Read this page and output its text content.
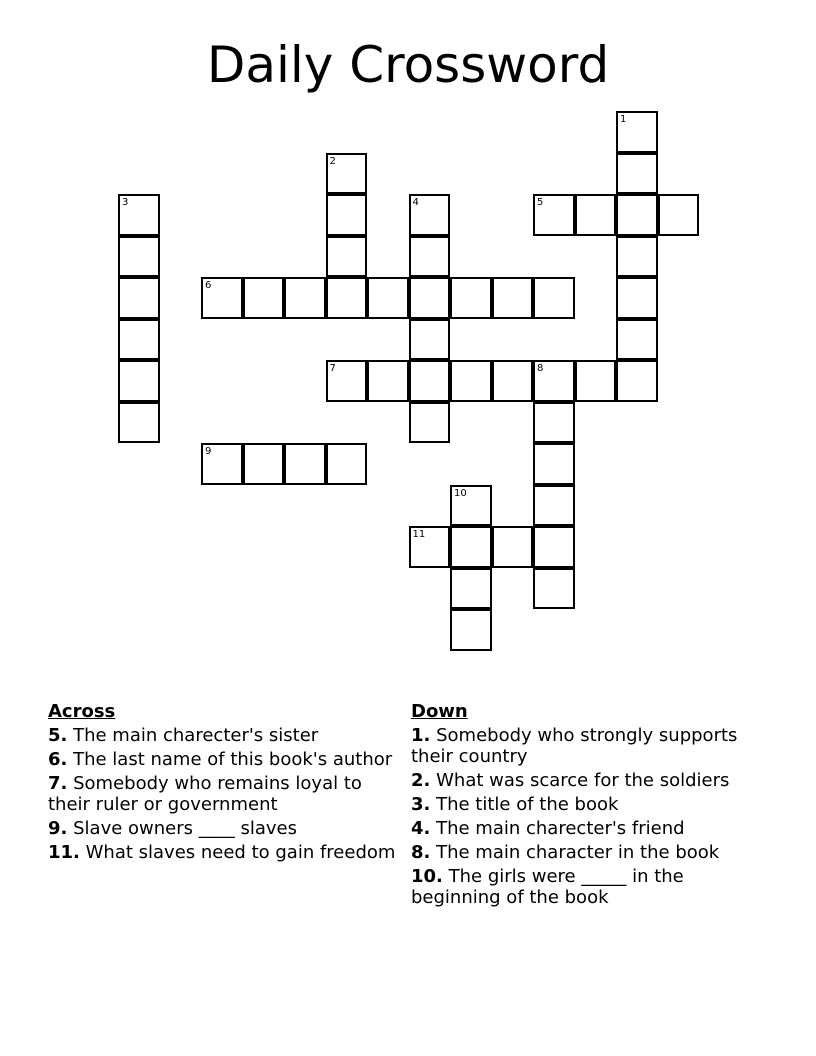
Daily Crossword
1
2
3	4	5
6
7	8
9
10
11
Across
5. The main charecter's sister
6. The last name of this book's author
7. Somebody who remains loyal to their ruler or government
9. Slave owners ____ slaves
11. What slaves need to gain freedom
Down
1. Somebody who strongly supports their country
2. What was scarce for the soldiers
3. The title of the book
4. The main charecter's friend
8. The main character in the book
10. The girls were _____ in the beginning of the book
